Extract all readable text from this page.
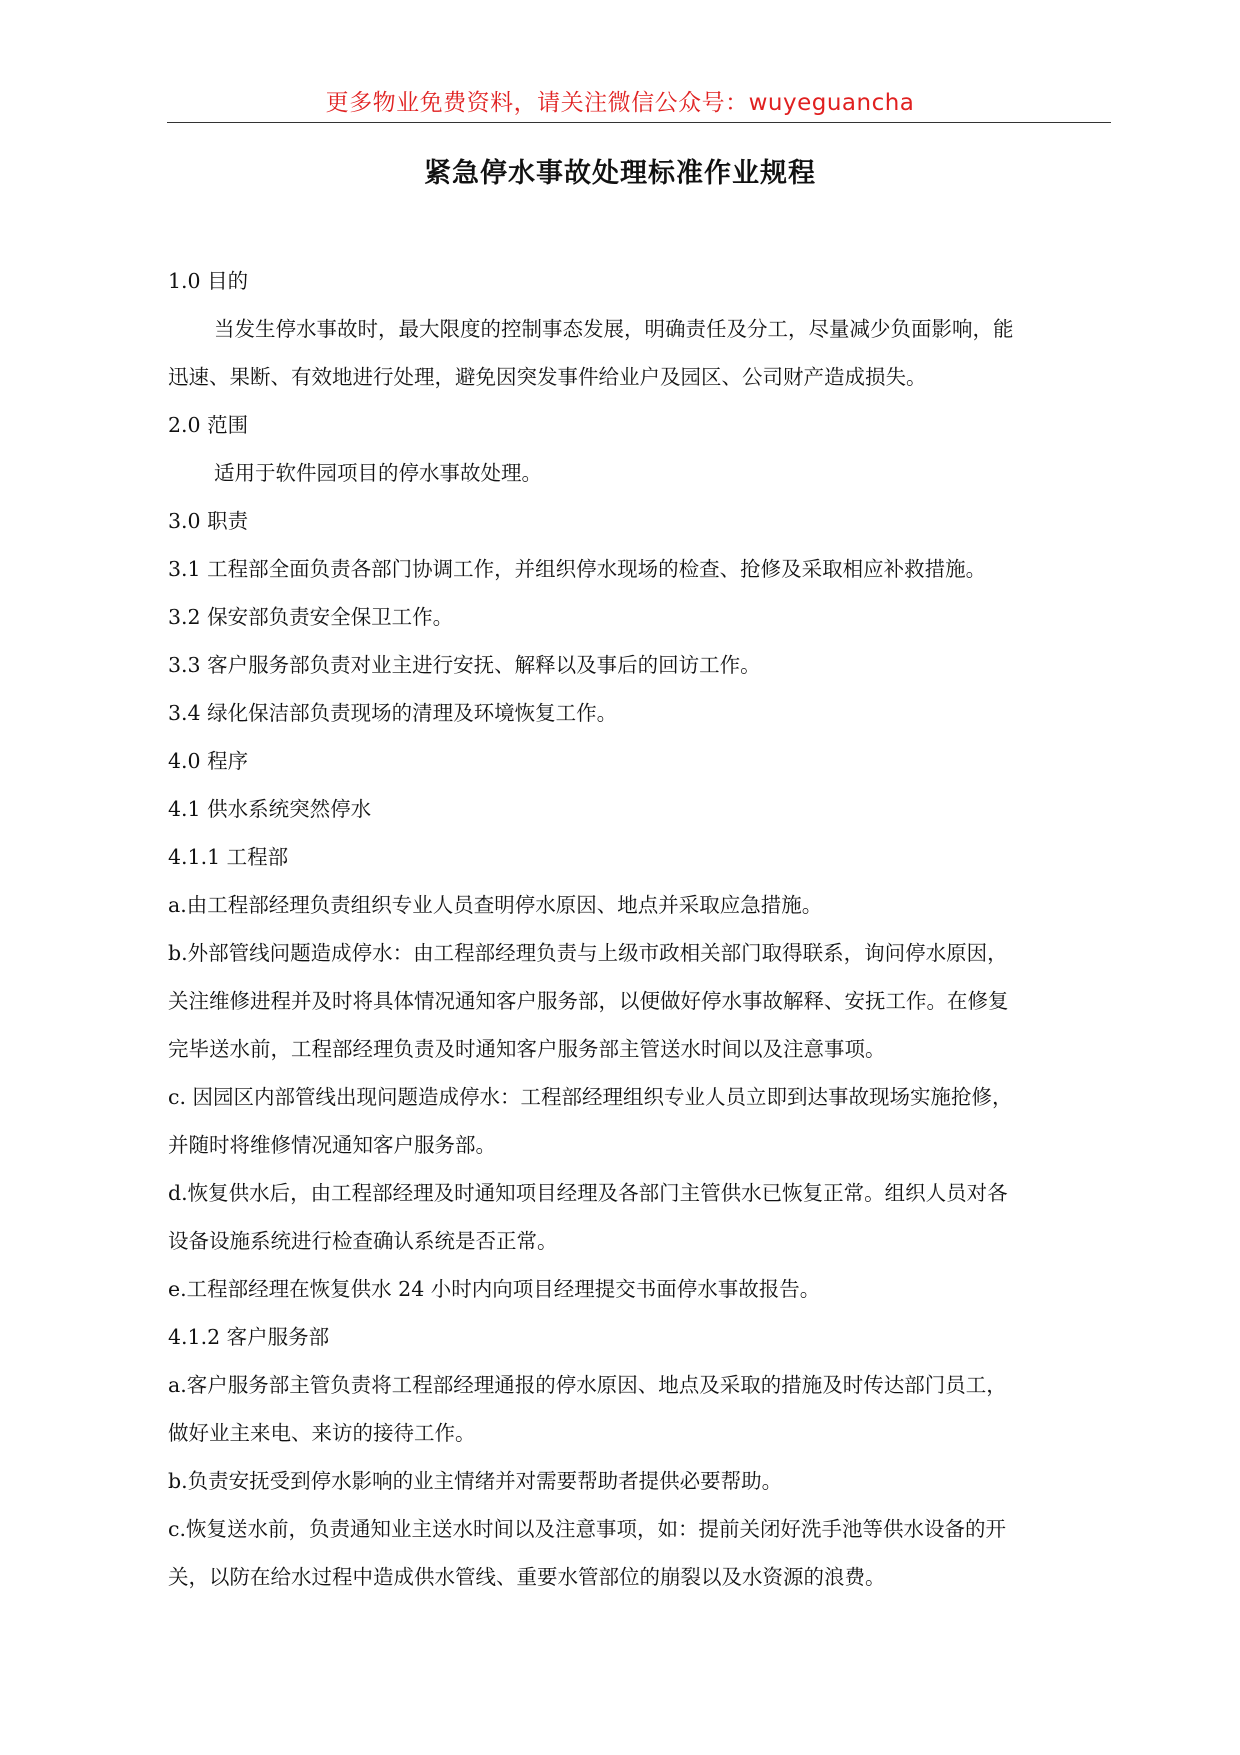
更多物业免费资料，请关注微信公众号：wuyeguancha
紧急停水事故处理标准作业规程

1.0 目的

当发生停水事故时，最大限度的控制事态发展，明确责任及分工，尽量减少负面影响，能

迅速、果断、有效地进行处理，避免因突发事件给业户及园区、公司财产造成损失。

2.0 范围

适用于软件园项目的停水事故处理。

3.0 职责

3.1 工程部全面负责各部门协调工作，并组织停水现场的检查、抢修及采取相应补救措施。

3.2 保安部负责安全保卫工作。

3.3 客户服务部负责对业主进行安抚、解释以及事后的回访工作。

3.4 绿化保洁部负责现场的清理及环境恢复工作。

4.0 程序

4.1 供水系统突然停水

4.1.1 工程部

a.由工程部经理负责组织专业人员查明停水原因、地点并采取应急措施。

b.外部管线问题造成停水：由工程部经理负责与上级市政相关部门取得联系，询问停水原因，

关注维修进程并及时将具体情况通知客户服务部，以便做好停水事故解释、安抚工作。在修复

完毕送水前，工程部经理负责及时通知客户服务部主管送水时间以及注意事项。

c. 因园区内部管线出现问题造成停水：工程部经理组织专业人员立即到达事故现场实施抢修，

并随时将维修情况通知客户服务部。

d.恢复供水后，由工程部经理及时通知项目经理及各部门主管供水已恢复正常。组织人员对各

设备设施系统进行检查确认系统是否正常。

e.工程部经理在恢复供水 24 小时内向项目经理提交书面停水事故报告。

4.1.2 客户服务部

a.客户服务部主管负责将工程部经理通报的停水原因、地点及采取的措施及时传达部门员工，

做好业主来电、来访的接待工作。

b.负责安抚受到停水影响的业主情绪并对需要帮助者提供必要帮助。

c.恢复送水前，负责通知业主送水时间以及注意事项，如：提前关闭好洗手池等供水设备的开

关，以防在给水过程中造成供水管线、重要水管部位的崩裂以及水资源的浪费。
